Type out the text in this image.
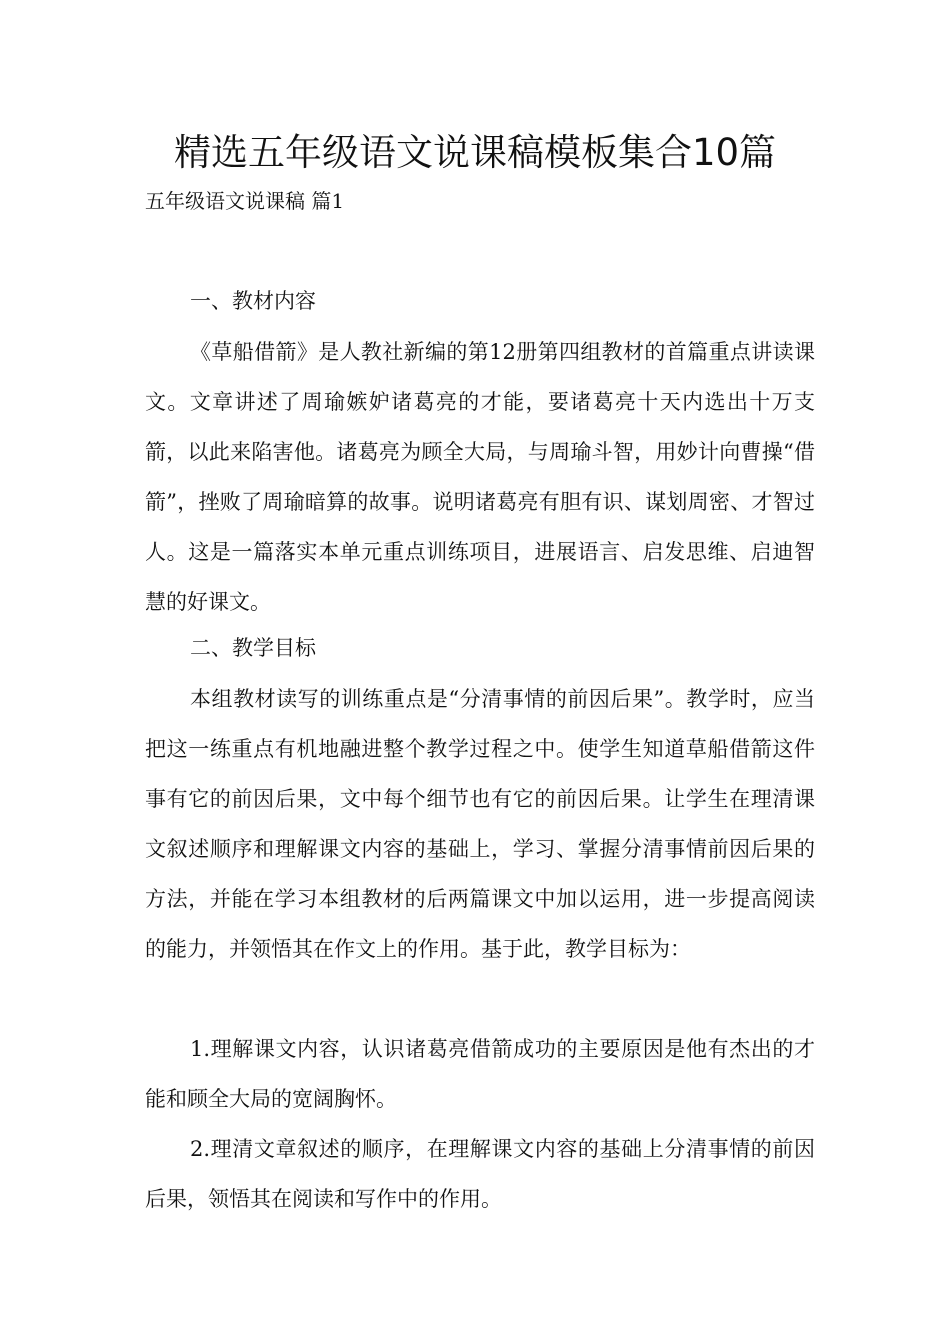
精选五年级语文说课稿模板集合10篇

五年级语文说课稿 篇1

一、教材内容

《草船借箭》是人教社新编的第12册第四组教材的首篇重点讲读课文。文章讲述了周瑜嫉妒诸葛亮的才能，要诸葛亮十天内选出十万支箭，以此来陷害他。诸葛亮为顾全大局，与周瑜斗智，用妙计向曹操“借箭”，挫败了周瑜暗算的故事。说明诸葛亮有胆有识、谋划周密、才智过人。这是一篇落实本单元重点训练项目，进展语言、启发思维、启迪智慧的好课文。

二、教学目标

本组教材读写的训练重点是“分清事情的前因后果”。教学时，应当把这一练重点有机地融进整个教学过程之中。使学生知道草船借箭这件事有它的前因后果，文中每个细节也有它的前因后果。让学生在理清课文叙述顺序和理解课文内容的基础上，学习、掌握分清事情前因后果的方法，并能在学习本组教材的后两篇课文中加以运用，进一步提高阅读的能力，并领悟其在作文上的作用。基于此，教学目标为：

1.理解课文内容，认识诸葛亮借箭成功的主要原因是他有杰出的才能和顾全大局的宽阔胸怀。

2.理清文章叙述的顺序，在理解课文内容的基础上分清事情的前因后果，领悟其在阅读和写作中的作用。
